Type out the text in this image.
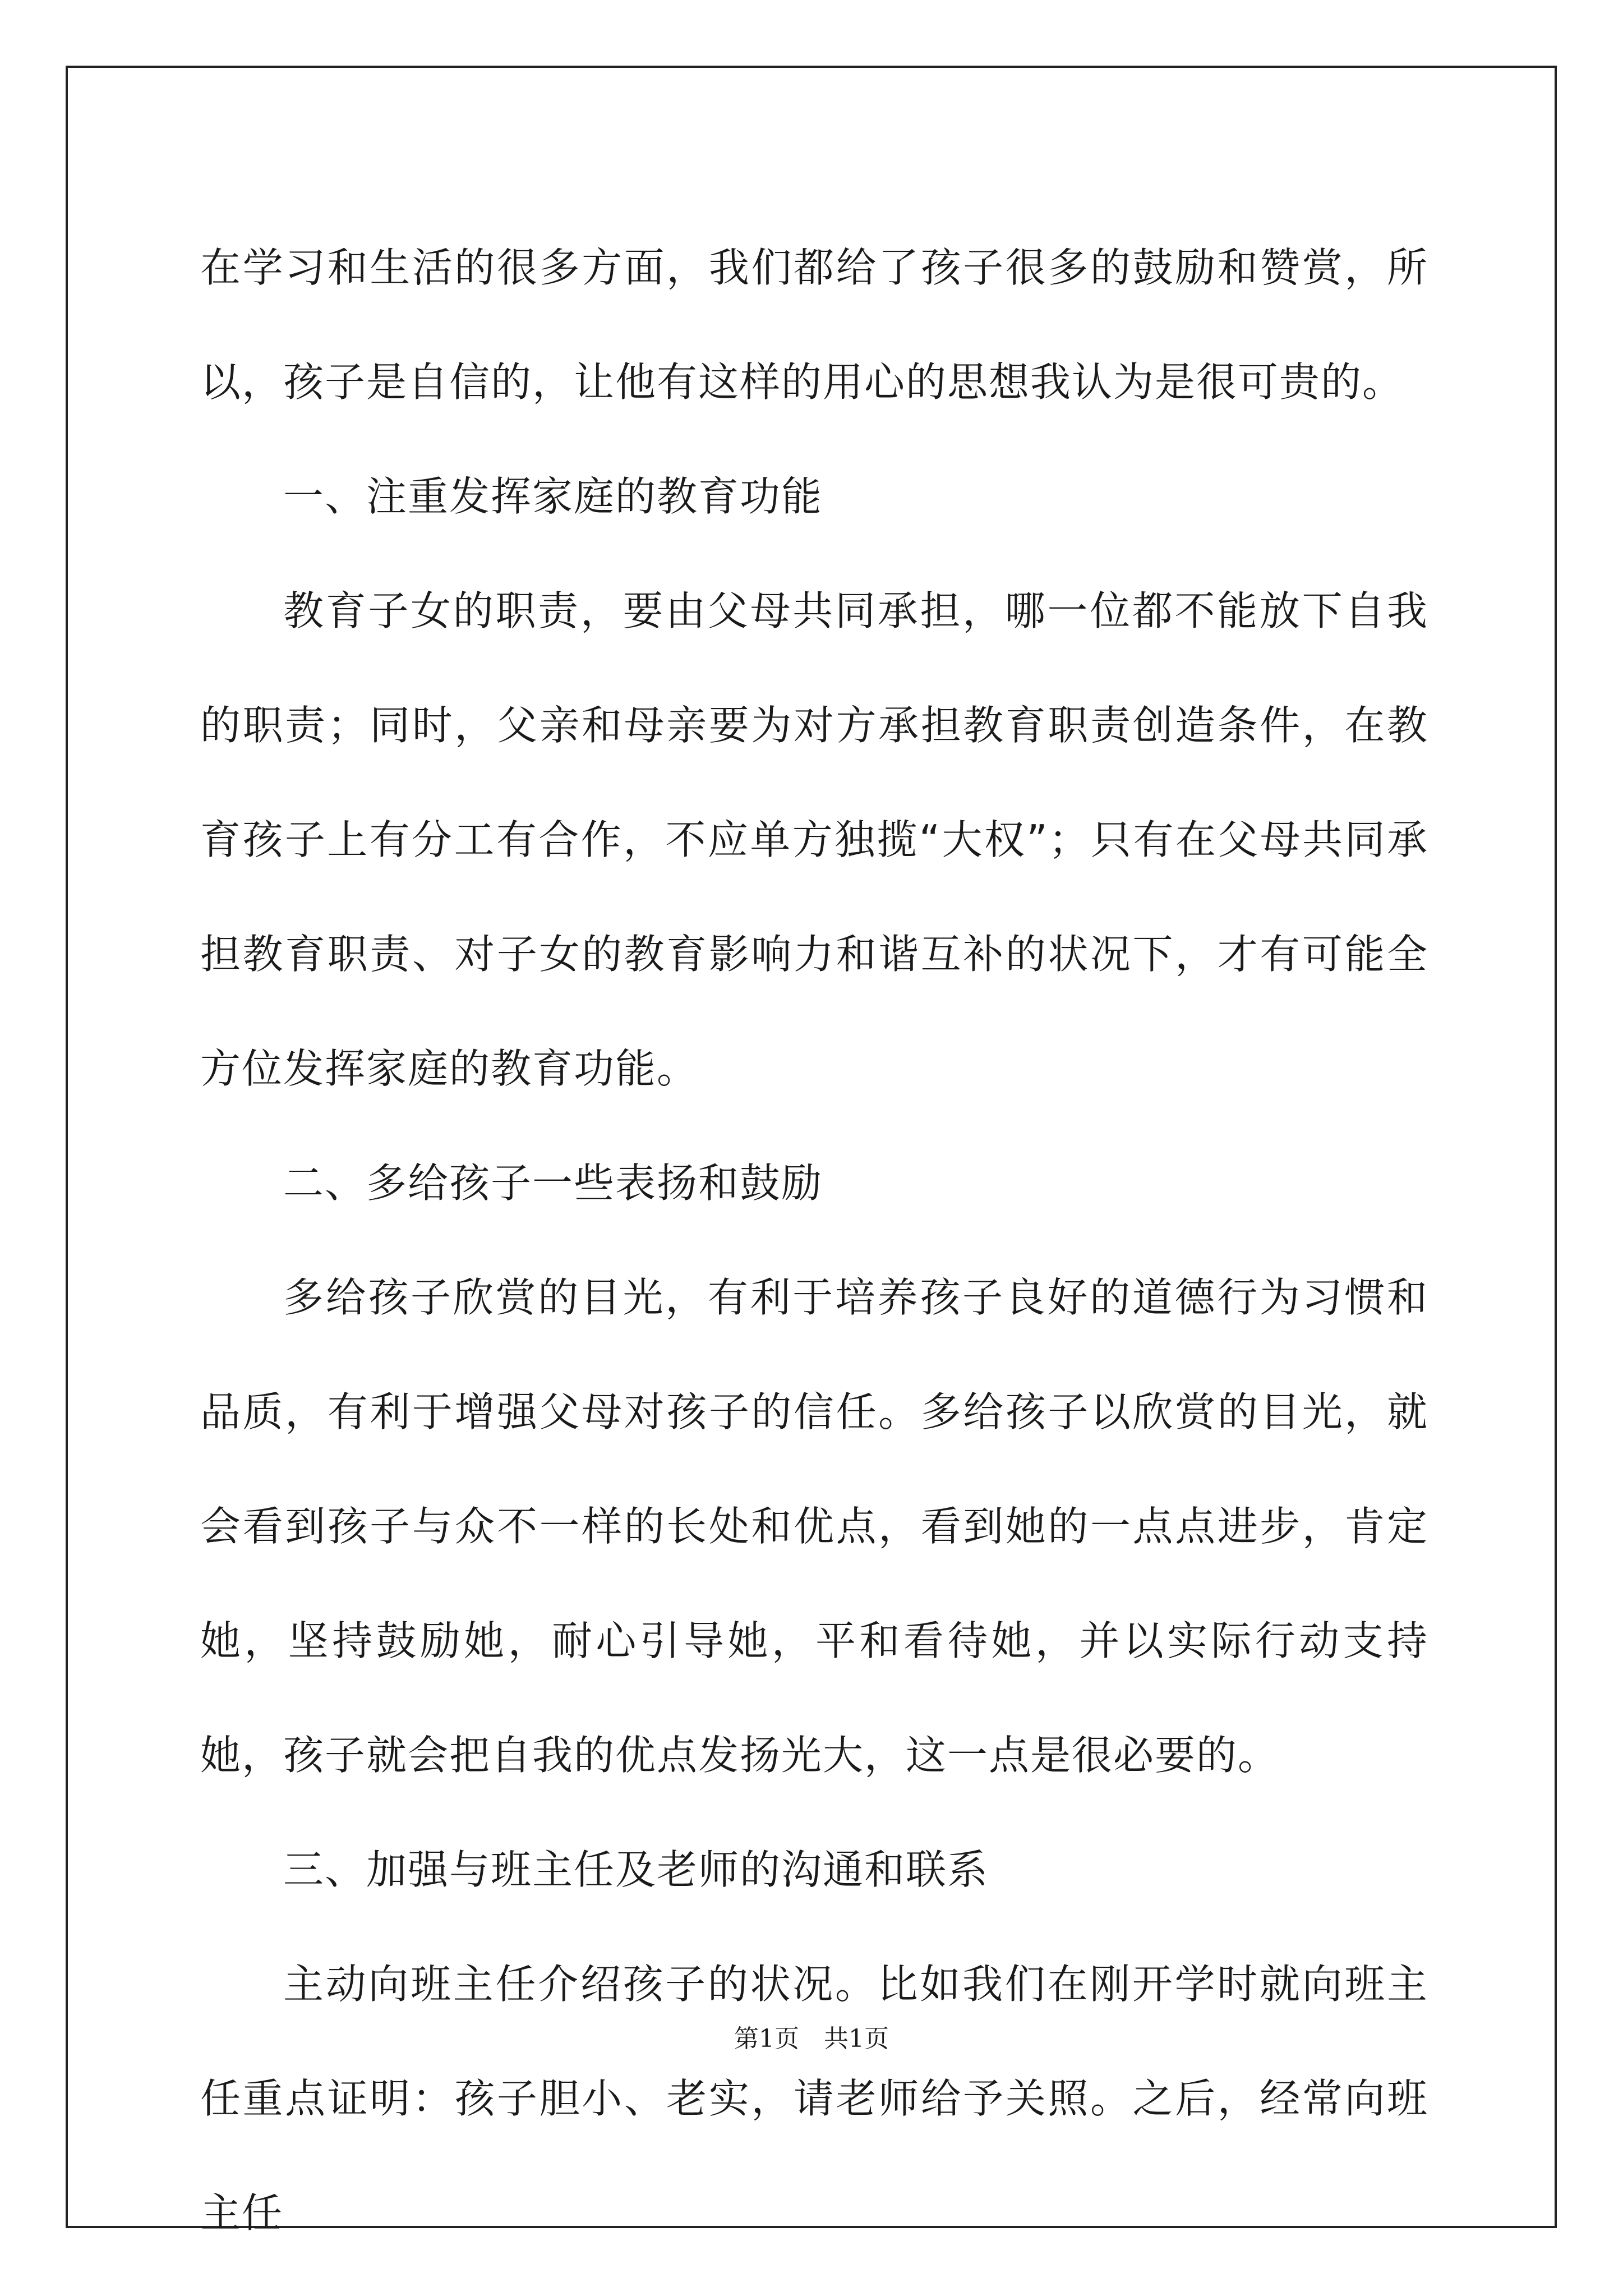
在学习和生活的很多方面，我们都给了孩子很多的鼓励和赞赏，所以，孩子是自信的，让他有这样的用心的思想我认为是很可贵的。

一、注重发挥家庭的教育功能

教育子女的职责，要由父母共同承担，哪一位都不能放下自我的职责；同时，父亲和母亲要为对方承担教育职责创造条件，在教育孩子上有分工有合作，不应单方独揽“大权”；只有在父母共同承担教育职责、对子女的教育影响力和谐互补的状况下，才有可能全方位发挥家庭的教育功能。

二、多给孩子一些表扬和鼓励

多给孩子欣赏的目光，有利于培养孩子良好的道德行为习惯和品质，有利于增强父母对孩子的信任。多给孩子以欣赏的目光，就会看到孩子与众不一样的长处和优点，看到她的一点点进步，肯定她，坚持鼓励她，耐心引导她，平和看待她，并以实际行动支持她，孩子就会把自我的优点发扬光大，这一点是很必要的。

三、加强与班主任及老师的沟通和联系

主动向班主任介绍孩子的状况。比如我们在刚开学时就向班主任重点证明：孩子胆小、老实，请老师给予关照。之后，经常向班主任

第1页　共1页
